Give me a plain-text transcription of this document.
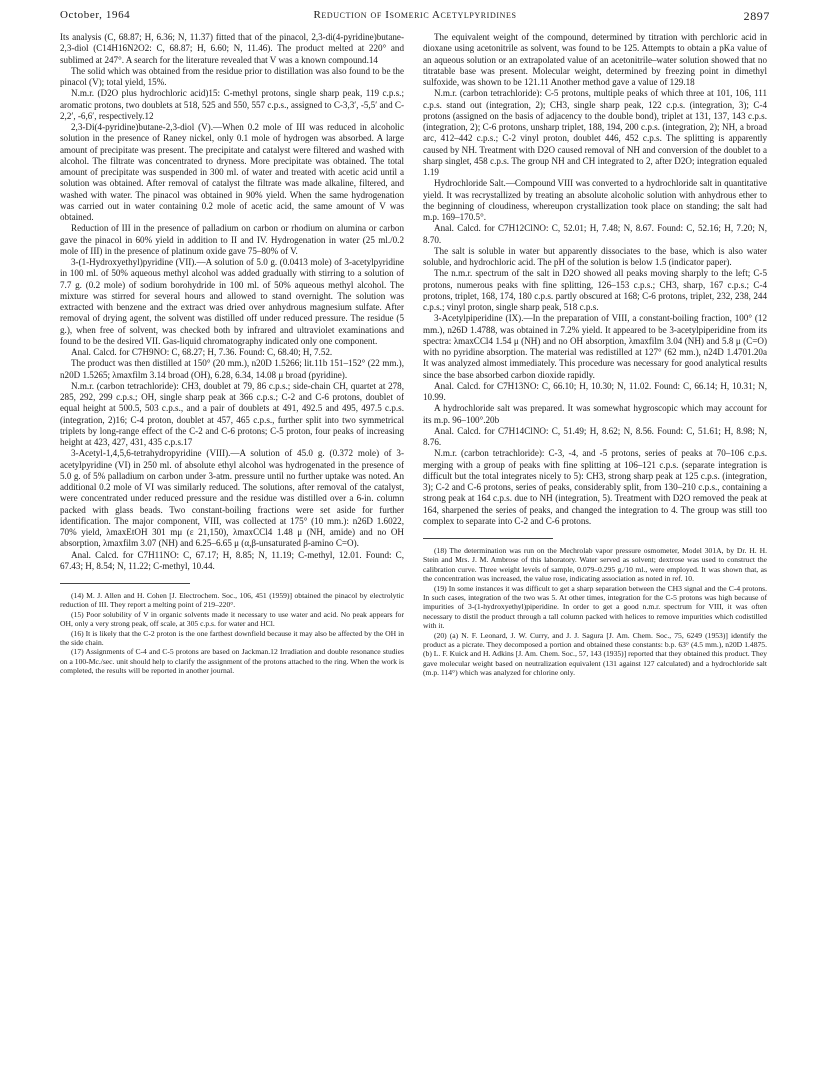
October, 1964	Reduction of Isomeric Acetylpyridines	2897

Its analysis (C, 68.87; H, 6.36; N, 11.37) fitted that of the pinacol, 2,3-di(4-pyridine)butane-2,3-diol (C14H16N2O2: C, 68.87; H, 6.60; N, 11.46). The product melted at 220° and sublimed at 247°. A search for the literature revealed that V was a known compound.14

The solid which was obtained from the residue prior to distillation was also found to be the pinacol (V); total yield, 15%.

N.m.r. (D2O plus hydrochloric acid)15: C-methyl protons, single sharp peak, 119 c.p.s.; aromatic protons, two doublets at 518, 525 and 550, 557 c.p.s., assigned to C-3,3′, -5,5′ and C-2,2′, -6,6′, respectively.12

2,3-Di(4-pyridine)butane-2,3-diol (V).—When 0.2 mole of III was reduced in alcoholic solution in the presence of Raney nickel, only 0.1 mole of hydrogen was absorbed. A large amount of precipitate was present. The precipitate and catalyst were filtered and washed with alcohol. The filtrate was concentrated to dryness. More precipitate was obtained. The total amount of precipitate was suspended in 300 ml. of water and treated with acetic acid until a solution was obtained. After removal of catalyst the filtrate was made alkaline, filtered, and washed with water. The pinacol was obtained in 90% yield. When the same hydrogenation was carried out in water containing 0.2 mole of acetic acid, the same amount of V was obtained.

Reduction of III in the presence of palladium on carbon or rhodium on alumina or carbon gave the pinacol in 60% yield in addition to II and IV. Hydrogenation in water (25 ml./0.2 mole of III) in the presence of platinum oxide gave 75–80% of V.

3-(1-Hydroxyethyl)pyridine (VII).—A solution of 5.0 g. (0.0413 mole) of 3-acetylpyridine in 100 ml. of 50% aqueous methyl alcohol was added gradually with stirring to a solution of 7.7 g. (0.2 mole) of sodium borohydride in 100 ml. of 50% aqueous methyl alcohol. The mixture was stirred for several hours and allowed to stand overnight. The solution was extracted with benzene and the extract was dried over anhydrous magnesium sulfate. After removal of drying agent, the solvent was distilled off under reduced pressure. The residue (5 g.), when free of solvent, was checked both by infrared and ultraviolet examinations and found to be the desired VII. Gas-liquid chromatography indicated only one component.

Anal. Calcd. for C7H9NO: C, 68.27; H, 7.36. Found: C, 68.40; H, 7.52.

The product was then distilled at 150° (20 mm.), n20D 1.5266; lit.11b 151–152° (22 mm.), n20D 1.5265; λmaxfilm 3.14 broad (OH), 6.28, 6.34, 14.08 μ broad (pyridine).

N.m.r. (carbon tetrachloride): CH3, doublet at 79, 86 c.p.s.; side-chain CH, quartet at 278, 285, 292, 299 c.p.s.; OH, single sharp peak at 366 c.p.s.; C-2 and C-6 protons, doublet of equal height at 500.5, 503 c.p.s., and a pair of doublets at 491, 492.5 and 495, 497.5 c.p.s. (integration, 2)16; C-4 proton, doublet at 457, 465 c.p.s., further split into two symmetrical triplets by long-range effect of the C-2 and C-6 protons; C-5 proton, four peaks of increasing height at 423, 427, 431, 435 c.p.s.17

3-Acetyl-1,4,5,6-tetrahydropyridine (VIII).—A solution of 45.0 g. (0.372 mole) of 3-acetylpyridine (VI) in 250 ml. of absolute ethyl alcohol was hydrogenated in the presence of 5.0 g. of 5% palladium on carbon under 3-atm. pressure until no further uptake was noted. An additional 0.2 mole of VI was similarly reduced. The solutions, after removal of the catalyst, were concentrated under reduced pressure and the residue was distilled over a 6-in. column packed with glass beads. Two constant-boiling fractions were set aside for further identification. The major component, VIII, was collected at 175° (10 mm.): n26D 1.6022, 70% yield, λmaxEtOH 301 mμ (ε 21,150), λmaxCCl4 1.48 μ (NH, amide) and no OH absorption, λmaxfilm 3.07 (NH) and 6.25–6.65 μ (α,β-unsaturated β-amino C=O).

Anal. Calcd. for C7H11NO: C, 67.17; H, 8.85; N, 11.19; C-methyl, 12.01. Found: C, 67.43; H, 8.54; N, 11.22; C-methyl, 10.44.

(14) M. J. Allen and H. Cohen [J. Electrochem. Soc., 106, 451 (1959)] obtained the pinacol by electrolytic reduction of III. They report a melting point of 219–220°.

(15) Poor solubility of V in organic solvents made it necessary to use water and acid. No peak appears for OH, only a very strong peak, off scale, at 305 c.p.s. for water and HCl.

(16) It is likely that the C-2 proton is the one farthest downfield because it may also be affected by the OH in the side chain.

(17) Assignments of C-4 and C-5 protons are based on Jackman.12 Irradiation and double resonance studies on a 100-Mc./sec. unit should help to clarify the assignment of the protons attached to the ring. When the work is completed, the results will be reported in another journal.

The equivalent weight of the compound, determined by titration with perchloric acid in dioxane using acetonitrile as solvent, was found to be 125. Attempts to obtain a pKa value of an aqueous solution or an extrapolated value of an acetonitrile–water solution showed that no titratable base was present. Molecular weight, determined by freezing point in dimethyl sulfoxide, was shown to be 121.11 Another method gave a value of 129.18

N.m.r. (carbon tetrachloride): C-5 protons, multiple peaks of which three at 101, 106, 111 c.p.s. stand out (integration, 2); CH3, single sharp peak, 122 c.p.s. (integration, 3); C-4 protons (assigned on the basis of adjacency to the double bond), triplet at 131, 137, 143 c.p.s. (integration, 2); C-6 protons, unsharp triplet, 188, 194, 200 c.p.s. (integration, 2); NH, a broad arc, 412–442 c.p.s.; C-2 vinyl proton, doublet 446, 452 c.p.s. The splitting is apparently caused by NH. Treatment with D2O caused removal of NH and conversion of the doublet to a sharp singlet, 458 c.p.s. The group NH and CH integrated to 2, after D2O; integration equaled 1.19

Hydrochloride Salt.—Compound VIII was converted to a hydrochloride salt in quantitative yield. It was recrystallized by treating an absolute alcoholic solution with anhydrous ether to the beginning of cloudiness, whereupon crystallization took place on standing; the salt had m.p. 169–170.5°.

Anal. Calcd. for C7H12ClNO: C, 52.01; H, 7.48; N, 8.67. Found: C, 52.16; H, 7.20; N, 8.70.

The salt is soluble in water but apparently dissociates to the base, which is also water soluble, and hydrochloric acid. The pH of the solution is below 1.5 (indicator paper).

The n.m.r. spectrum of the salt in D2O showed all peaks moving sharply to the left; C-5 protons, numerous peaks with fine splitting, 126–153 c.p.s.; CH3, sharp, 167 c.p.s.; C-4 protons, triplet, 168, 174, 180 c.p.s. partly obscured at 168; C-6 protons, triplet, 232, 238, 244 c.p.s.; vinyl proton, single sharp peak, 518 c.p.s.

3-Acetylpiperidine (IX).—In the preparation of VIII, a constant-boiling fraction, 100° (12 mm.), n26D 1.4788, was obtained in 7.2% yield. It appeared to be 3-acetylpiperidine from its spectra: λmaxCCl4 1.54 μ (NH) and no OH absorption, λmaxfilm 3.04 (NH) and 5.8 μ (C=O) with no pyridine absorption. The material was redistilled at 127° (62 mm.), n24D 1.4701.20a It was analyzed almost immediately. This procedure was necessary for good analytical results since the base absorbed carbon dioxide rapidly.

Anal. Calcd. for C7H13NO: C, 66.10; H, 10.30; N, 11.02. Found: C, 66.14; H, 10.31; N, 10.99.

A hydrochloride salt was prepared. It was somewhat hygroscopic which may account for its m.p. 96–100°.20b

Anal. Calcd. for C7H14ClNO: C, 51.49; H, 8.62; N, 8.56. Found: C, 51.61; H, 8.98; N, 8.76.

N.m.r. (carbon tetrachloride): C-3, -4, and -5 protons, series of peaks at 70–106 c.p.s. merging with a group of peaks with fine splitting at 106–121 c.p.s. (separate integration is difficult but the total integrates nicely to 5): CH3, strong sharp peak at 125 c.p.s. (integration, 3); C-2 and C-6 protons, series of peaks, considerably split, from 130–210 c.p.s., containing a strong peak at 164 c.p.s. due to NH (integration, 5). Treatment with D2O removed the peak at 164, sharpened the series of peaks, and changed the integration to 4. The group was still too complex to separate into C-2 and C-6 protons.

(18) The determination was run on the Mechrolab vapor pressure osmometer, Model 301A, by Dr. H. H. Stein and Mrs. J. M. Ambrose of this laboratory. Water served as solvent; dextrose was used to construct the calibration curve. Three weight levels of sample, 0.079–0.295 g./10 ml., were employed. It was shown that, as the concentration was increased, the value rose, indicating association as noted in ref. 10.

(19) In some instances it was difficult to get a sharp separation between the CH3 signal and the C-4 protons. In such cases, integration of the two was 5. At other times, integration for the C-5 protons was high because of impurities of 3-(1-hydroxyethyl)piperidine. In order to get a good n.m.r. spectrum for VIII, it was often necessary to distil the product through a tall column packed with helices to remove impurities which codistilled with it.

(20) (a) N. F. Leonard, J. W. Curry, and J. J. Sagura [J. Am. Chem. Soc., 75, 6249 (1953)] identify the product as a picrate. They decomposed a portion and obtained these constants: b.p. 63° (4.5 mm.), n20D 1.4875. (b) L. F. Kuick and H. Adkins [J. Am. Chem. Soc., 57, 143 (1935)] reported that they obtained this product. They gave molecular weight based on neutralization equivalent (131 against 127 calculated) and a hydrochloride salt (m.p. 114°) which was analyzed for chlorine only.
